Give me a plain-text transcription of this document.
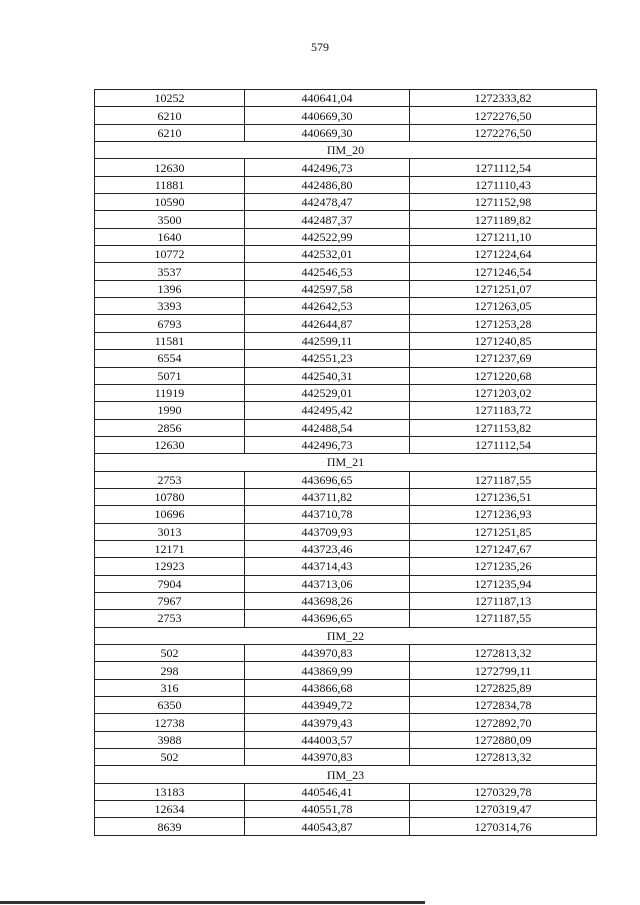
579
10252	440641,04	1272333,82
6210	440669,30	1272276,50
6210	440669,30	1272276,50
ПМ_20		
12630	442496,73	1271112,54
11881	442486,80	1271110,43
10590	442478,47	1271152,98
3500	442487,37	1271189,82
1640	442522,99	1271211,10
10772	442532,01	1271224,64
3537	442546,53	1271246,54
1396	442597,58	1271251,07
3393	442642,53	1271263,05
6793	442644,87	1271253,28
11581	442599,11	1271240,85
6554	442551,23	1271237,69
5071	442540,31	1271220,68
11919	442529,01	1271203,02
1990	442495,42	1271183,72
2856	442488,54	1271153,82
12630	442496,73	1271112,54
ПМ_21		
2753	443696,65	1271187,55
10780	443711,82	1271236,51
10696	443710,78	1271236,93
3013	443709,93	1271251,85
12171	443723,46	1271247,67
12923	443714,43	1271235,26
7904	443713,06	1271235,94
7967	443698,26	1271187,13
2753	443696,65	1271187,55
ПМ_22		
502	443970,83	1272813,32
298	443869,99	1272799,11
316	443866,68	1272825,89
6350	443949,72	1272834,78
12738	443979,43	1272892,70
3988	444003,57	1272880,09
502	443970,83	1272813,32
ПМ_23		
13183	440546,41	1270329,78
12634	440551,78	1270319,47
8639	440543,87	1270314,76
